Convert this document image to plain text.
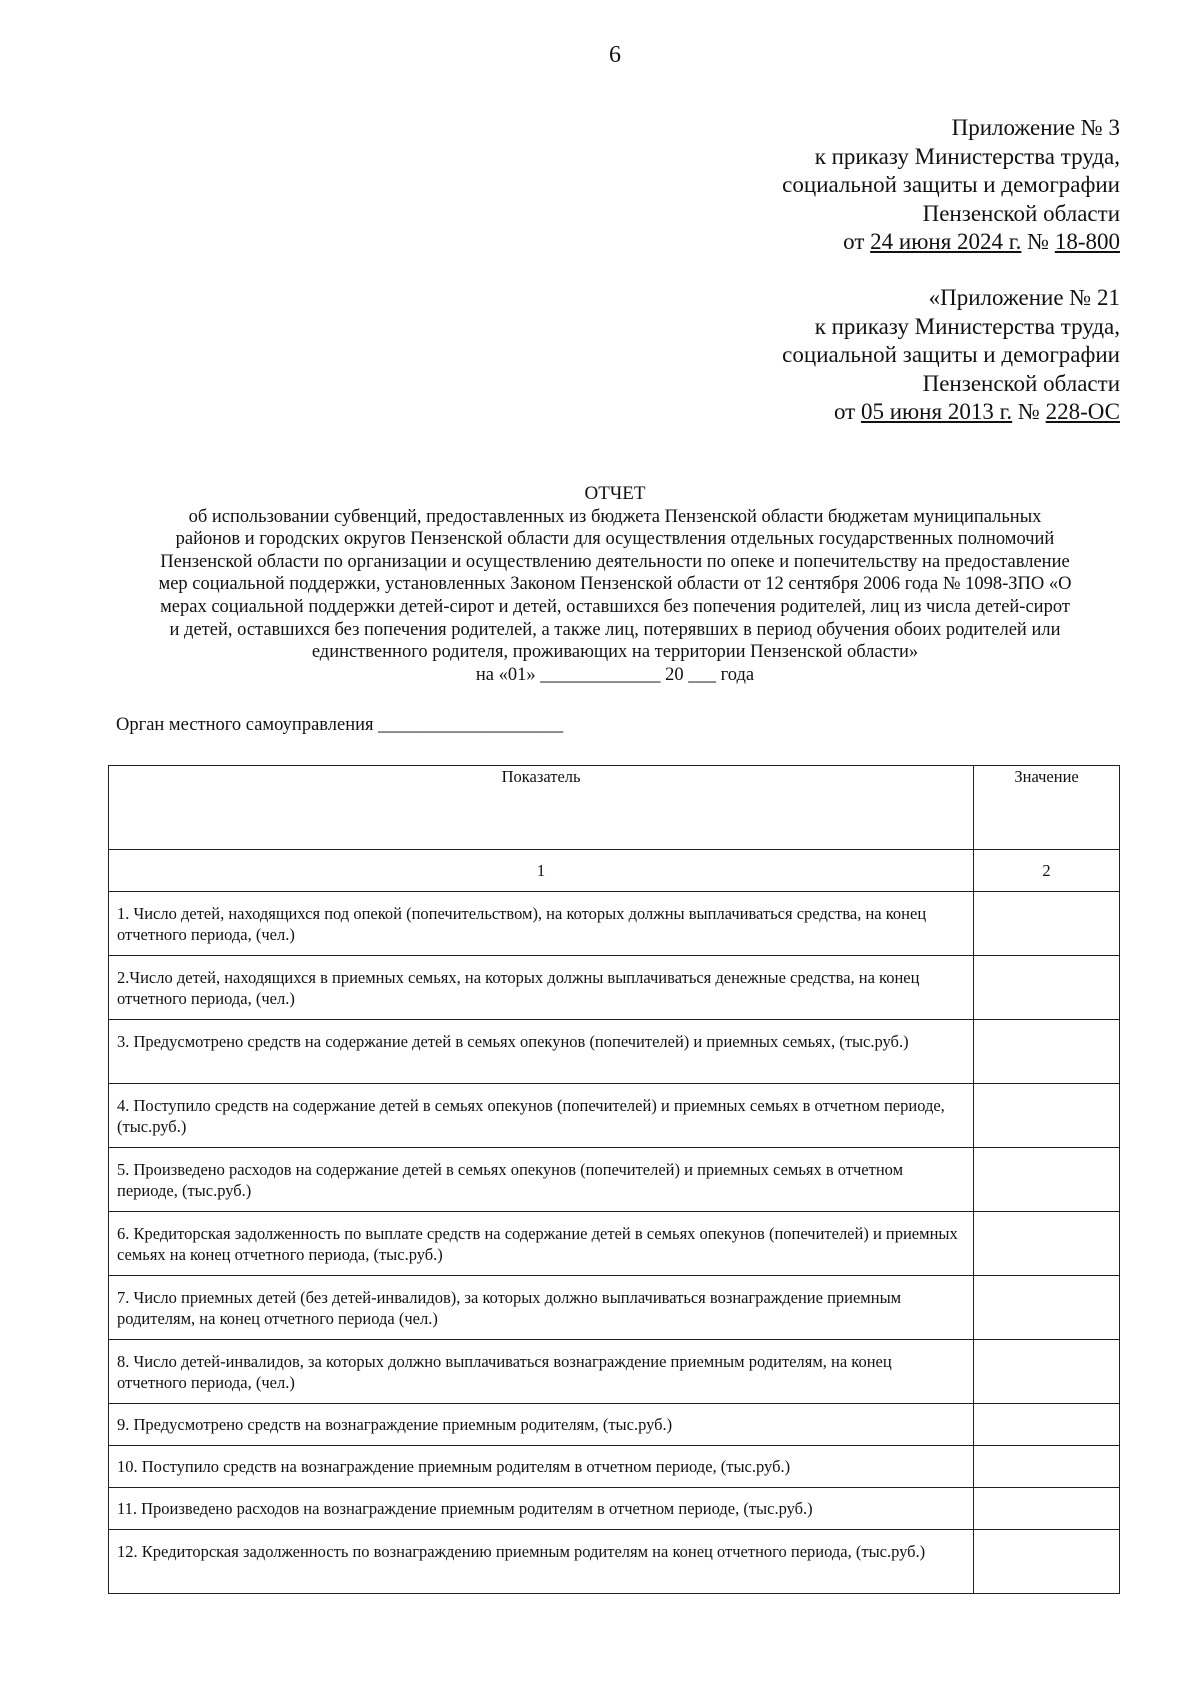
6
Приложение № 3
к приказу Министерства труда,
социальной защиты и демографии
Пензенской области
от 24 июня 2024 г. № 18-800
«Приложение № 21
к приказу Министерства труда,
социальной защиты и демографии
Пензенской области
от 05 июня 2013 г. № 228-ОС
ОТЧЕТ
об использовании субвенций, предоставленных из бюджета Пензенской области бюджетам муниципальных
районов и городских округов Пензенской области для осуществления отдельных государственных полномочий
Пензенской области по организации и осуществлению деятельности по опеке и попечительству на предоставление
мер социальной поддержки, установленных Законом Пензенской области от 12 сентября 2006 года № 1098-ЗПО «О
мерах социальной поддержки детей-сирот и детей, оставшихся без попечения родителей, лиц из числа детей-сирот
и детей, оставшихся без попечения родителей, а также лиц, потерявших в период обучения обоих родителей или
единственного родителя, проживающих на территории Пензенской области»
на «01» _____________ 20 ___ года
Орган местного самоуправления ____________________
Показатель	Значение
1	2
1. Число детей, находящихся под опекой (попечительством), на которых должны выплачиваться средства, на конец отчетного периода, (чел.)	
2.Число детей, находящихся в приемных семьях, на которых должны выплачиваться денежные средства, на конец отчетного периода, (чел.)	
3. Предусмотрено средств на содержание детей в семьях опекунов (попечителей) и приемных семьях, (тыс.руб.)	
4. Поступило средств на содержание детей в семьях опекунов (попечителей) и приемных семьях в отчетном периоде, (тыс.руб.)	
5. Произведено расходов на содержание детей в семьях опекунов (попечителей) и приемных семьях в отчетном периоде, (тыс.руб.)	
6. Кредиторская задолженность по выплате средств на содержание детей в семьях опекунов (попечителей) и приемных семьях на конец отчетного периода, (тыс.руб.)	
7. Число приемных детей (без детей-инвалидов), за которых должно выплачиваться вознаграждение приемным родителям, на конец отчетного периода (чел.)	
8. Число детей-инвалидов, за которых должно выплачиваться вознаграждение приемным родителям, на конец отчетного периода, (чел.)	
9. Предусмотрено средств на вознаграждение приемным родителям, (тыс.руб.)	
10. Поступило средств на вознаграждение приемным родителям в отчетном периоде, (тыс.руб.)	
11. Произведено расходов на вознаграждение приемным родителям в отчетном периоде, (тыс.руб.)	
12. Кредиторская задолженность по вознаграждению приемным родителям на конец отчетного периода, (тыс.руб.)	
